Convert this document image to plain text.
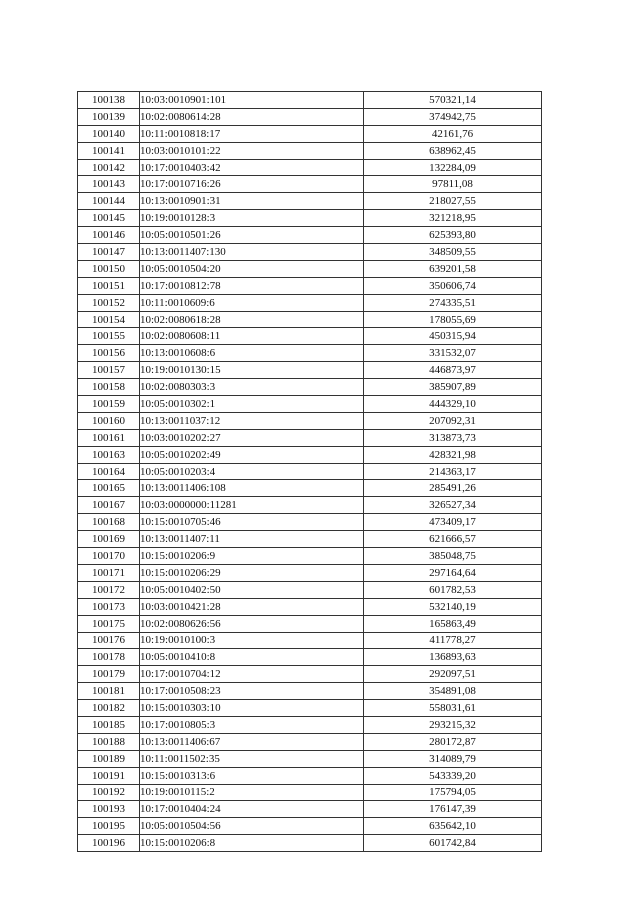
100138	10:03:0010901:101	570321,14
100139	10:02:0080614:28	374942,75
100140	10:11:0010818:17	42161,76
100141	10:03:0010101:22	638962,45
100142	10:17:0010403:42	132284,09
100143	10:17:0010716:26	97811,08
100144	10:13:0010901:31	218027,55
100145	10:19:0010128:3	321218,95
100146	10:05:0010501:26	625393,80
100147	10:13:0011407:130	348509,55
100150	10:05:0010504:20	639201,58
100151	10:17:0010812:78	350606,74
100152	10:11:0010609:6	274335,51
100154	10:02:0080618:28	178055,69
100155	10:02:0080608:11	450315,94
100156	10:13:0010608:6	331532,07
100157	10:19:0010130:15	446873,97
100158	10:02:0080303:3	385907,89
100159	10:05:0010302:1	444329,10
100160	10:13:0011037:12	207092,31
100161	10:03:0010202:27	313873,73
100163	10:05:0010202:49	428321,98
100164	10:05:0010203:4	214363,17
100165	10:13:0011406:108	285491,26
100167	10:03:0000000:11281	326527,34
100168	10:15:0010705:46	473409,17
100169	10:13:0011407:11	621666,57
100170	10:15:0010206:9	385048,75
100171	10:15:0010206:29	297164,64
100172	10:05:0010402:50	601782,53
100173	10:03:0010421:28	532140,19
100175	10:02:0080626:56	165863,49
100176	10:19:0010100:3	411778,27
100178	10:05:0010410:8	136893,63
100179	10:17:0010704:12	292097,51
100181	10:17:0010508:23	354891,08
100182	10:15:0010303:10	558031,61
100185	10:17:0010805:3	293215,32
100188	10:13:0011406:67	280172,87
100189	10:11:0011502:35	314089,79
100191	10:15:0010313:6	543339,20
100192	10:19:0010115:2	175794,05
100193	10:17:0010404:24	176147,39
100195	10:05:0010504:56	635642,10
100196	10:15:0010206:8	601742,84
